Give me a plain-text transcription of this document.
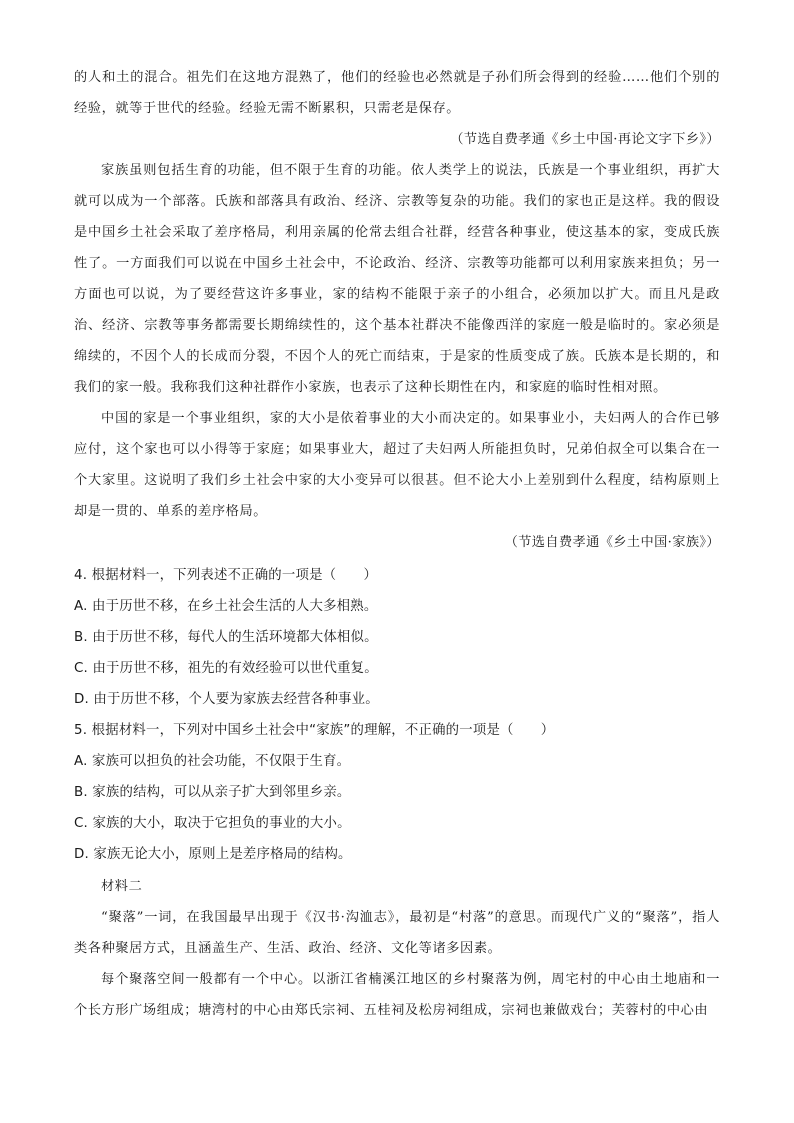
的人和土的混合。祖先们在这地方混熟了，他们的经验也必然就是子孙们所会得到的经验……他们个别的经验，就等于世代的经验。经验无需不断累积，只需老是保存。

（节选自费孝通《乡土中国·再论文字下乡》）

家族虽则包括生育的功能，但不限于生育的功能。依人类学上的说法，氏族是一个事业组织，再扩大就可以成为一个部落。氏族和部落具有政治、经济、宗教等复杂的功能。我们的家也正是这样。我的假设是中国乡土社会采取了差序格局，利用亲属的伦常去组合社群，经营各种事业，使这基本的家，变成氏族性了。一方面我们可以说在中国乡土社会中，不论政治、经济、宗教等功能都可以利用家族来担负；另一方面也可以说，为了要经营这许多事业，家的结构不能限于亲子的小组合，必须加以扩大。而且凡是政治、经济、宗教等事务都需要长期绵续性的，这个基本社群决不能像西洋的家庭一般是临时的。家必须是绵续的，不因个人的长成而分裂，不因个人的死亡而结束，于是家的性质变成了族。氏族本是长期的，和我们的家一般。我称我们这种社群作小家族，也表示了这种长期性在内，和家庭的临时性相对照。

中国的家是一个事业组织，家的大小是依着事业的大小而决定的。如果事业小，夫妇两人的合作已够应付，这个家也可以小得等于家庭；如果事业大，超过了夫妇两人所能担负时，兄弟伯叔全可以集合在一个大家里。这说明了我们乡土社会中家的大小变异可以很甚。但不论大小上差别到什么程度，结构原则上却是一贯的、单系的差序格局。

（节选自费孝通《乡土中国·家族》）

4. 根据材料一，下列表述不正确的一项是（　　）

A. 由于历世不移，在乡土社会生活的人大多相熟。

B. 由于历世不移，每代人的生活环境都大体相似。

C. 由于历世不移，祖先的有效经验可以世代重复。

D. 由于历世不移，个人要为家族去经营各种事业。

5. 根据材料一，下列对中国乡土社会中“家族”的理解，不正确的一项是（　　）

A. 家族可以担负的社会功能，不仅限于生育。

B. 家族的结构，可以从亲子扩大到邻里乡亲。

C. 家族的大小，取决于它担负的事业的大小。

D. 家族无论大小，原则上是差序格局的结构。

材料二

“聚落”一词，在我国最早出现于《汉书·沟洫志》，最初是“村落”的意思。而现代广义的“聚落”，指人类各种聚居方式，且涵盖生产、生活、政治、经济、文化等诸多因素。

每个聚落空间一般都有一个中心。以浙江省楠溪江地区的乡村聚落为例，周宅村的中心由土地庙和一个长方形广场组成；塘湾村的中心由郑氏宗祠、五桂祠及松房祠组成，宗祠也兼做戏台；芙蓉村的中心由
